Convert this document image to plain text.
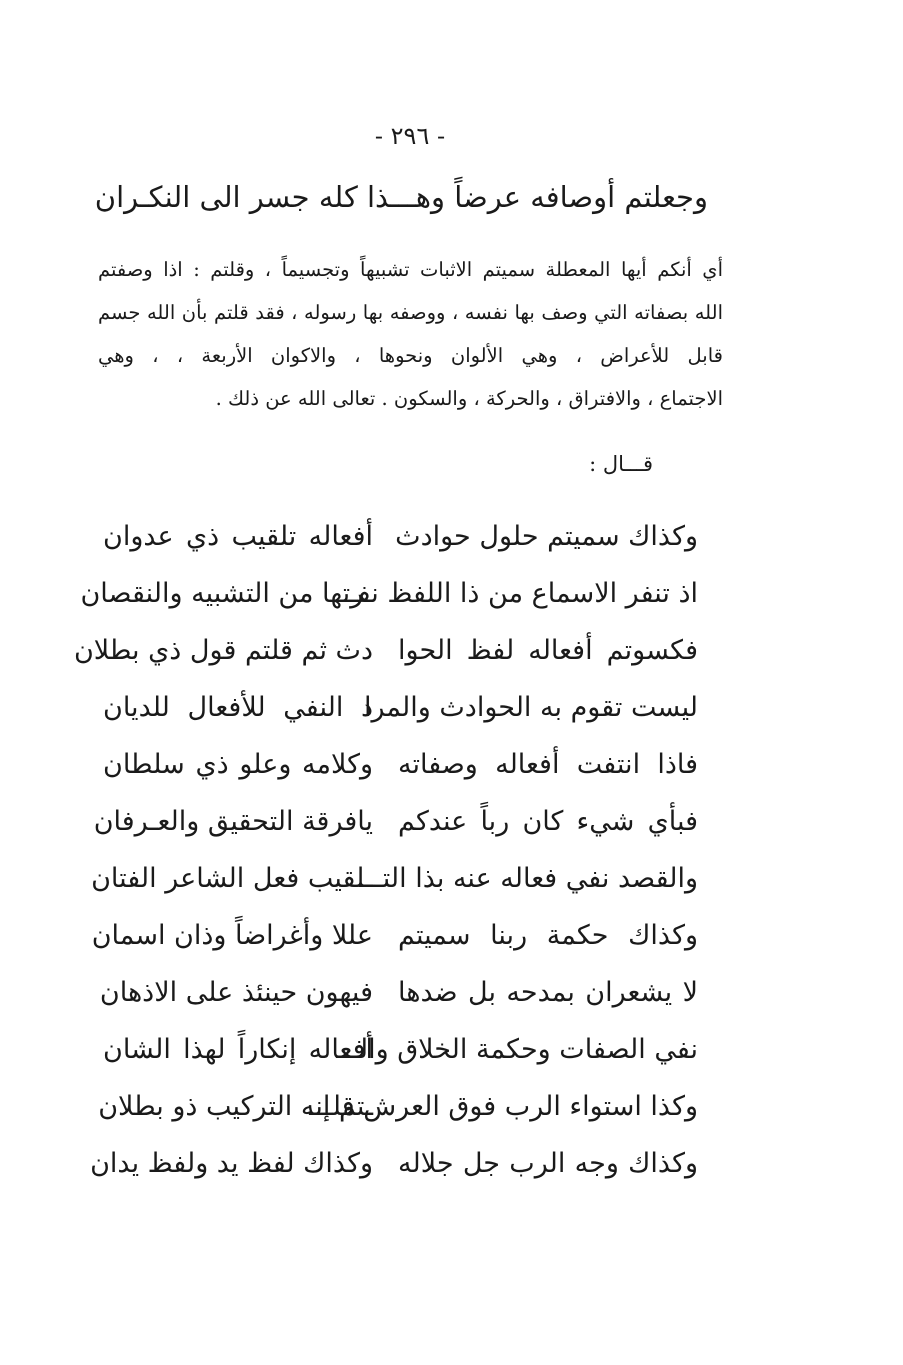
- ٢٩٦ -
وجعلتم أوصافه عرضاً وهـــذا كله جسر الى النكـران
أي أنكم أيها المعطلة سميتم الاثبات تشبيهاً وتجسيماً ، وقلتم : اذا وصفتم
الله بصفاته التي وصف بها نفسه ، ووصفه بها رسوله ، فقد قلتم بأن الله جسم
قابل للأعراض ، وهي الألوان ونحوها ، والاكوان الأربعة ، ، وهي
الاجتماع ، والافتراق ، والحركة ، والسكون . تعالى الله عن ذلك .
قـــال :
وكذاك سميتم حلول حوادث
أفعاله تلقيب ذي عدوان
اذ تنفر الاسماع من ذا اللفظ نفـــ
ـرتها من التشبيه والنقصان
فكسوتم أفعاله لفظ الحوا
دث ثم قلتم قول ذي بطلان
ليست تقوم به الحوادث والمرا
د النفي للأفعال للديان
فاذا انتفت أفعاله وصفاته
وكلامه وعلو ذي سلطان
فبأي شيء كان رباً عندكم
يافرقة التحقيق والعـرفان
والقصد نفي فعاله عنه بذا التـــ
ـلقيب فعل الشاعر الفتان
وكذاك حكمة ربنا سميتم
عللا وأغراضاً وذان اسمان
لا يشعران بمدحه بل ضدها
فيهون حينئذ على الاذهان
نفي الصفات وحكمة الخلاق والـــ
أفعاله إنكاراً لهذا الشان
وكذا استواء الرب فوق العرش قلـــ
ـتم إنه التركيب ذو بطلان
وكذاك وجه الرب جل جلاله
وكذاك لفظ يد ولفظ يدان
